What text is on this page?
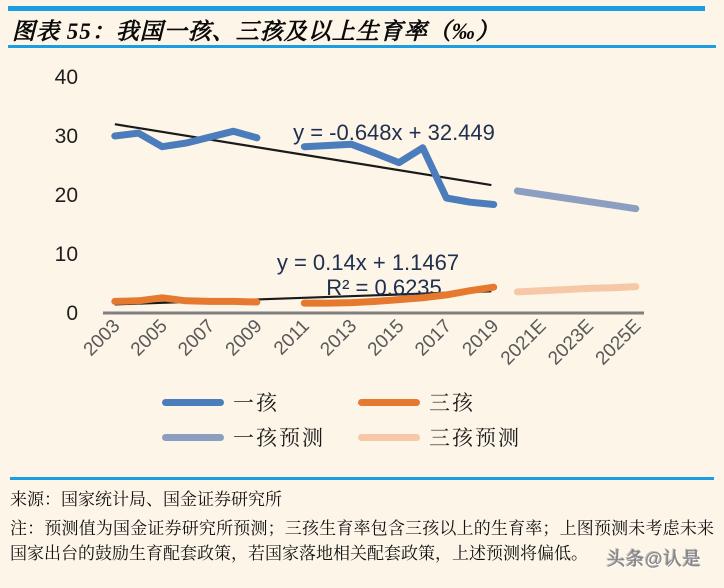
图表 55：我国一孩、三孩及以上生育率（‰）
0
10
20
30
40
2003 2005 2007 2009 2011 2013 2015 2017 2019
2021E
2023E
2025E
y = -0.648x + 32.449
y = 0.14x + 1.1467
R² = 0.6235
一孩	三孩
一孩预测	三孩预测
来源：国家统计局、国金证券研究所
注：预测值为国金证券研究所预测；三孩生育率包含三孩以上的生育率；上图预测未考虑未来国家出台的鼓励生育配套政策，若国家落地相关配套政策，上述预测将偏低。	头条@认是
